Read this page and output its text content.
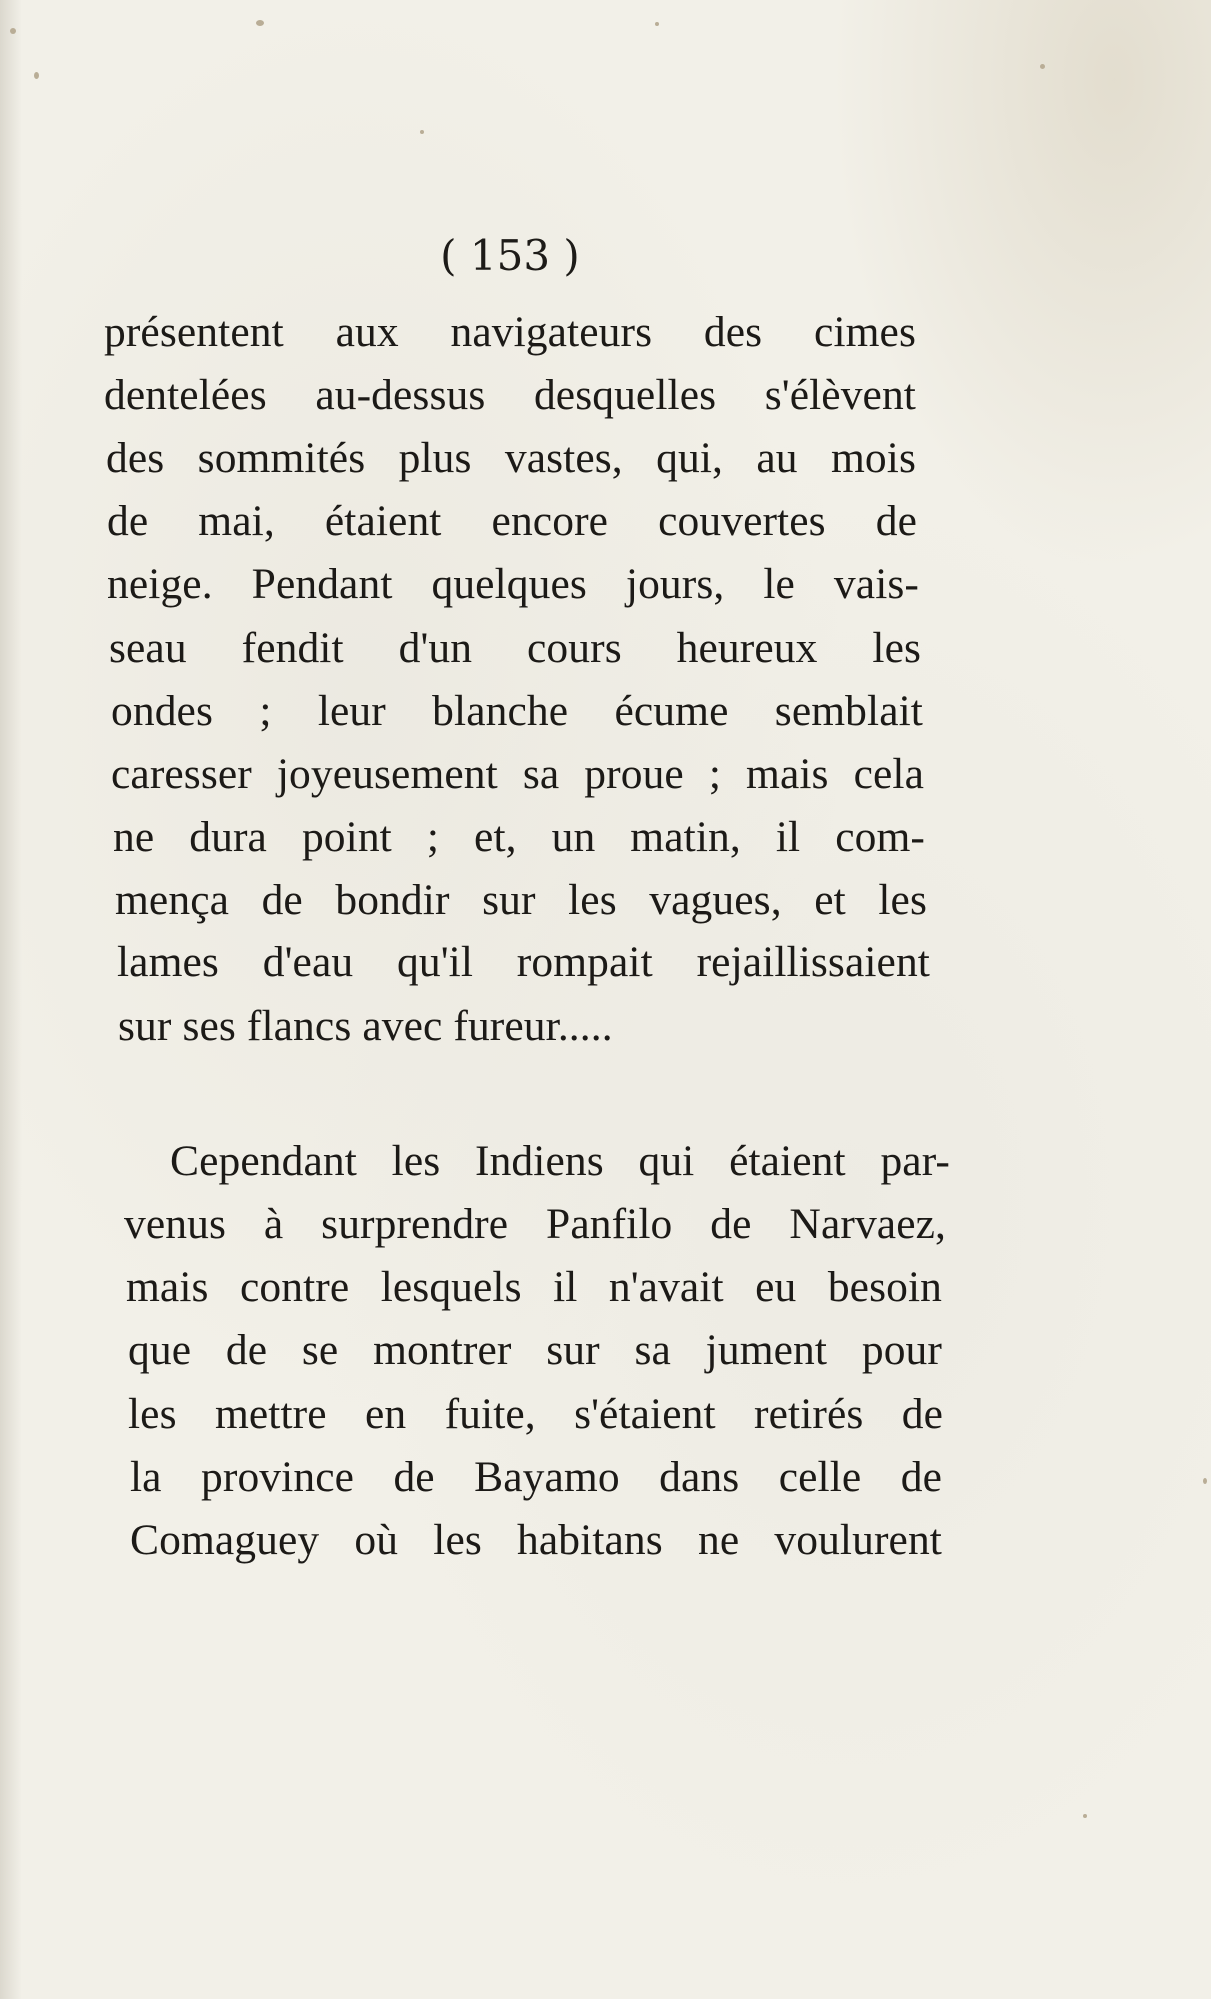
( 153 )
présentent aux navigateurs des cimes
dentelées au-dessus desquelles s'élèvent
des sommités plus vastes, qui, au mois
de mai, étaient encore couvertes de
neige. Pendant quelques jours, le vais-
seau fendit d'un cours heureux les
ondes ; leur blanche écume semblait
caresser joyeusement sa proue ; mais cela
ne dura point ; et, un matin, il com-
mença de bondir sur les vagues, et les
lames d'eau qu'il rompait rejaillissaient
sur ses flancs avec fureur.....
Cependant les Indiens qui étaient par-
venus à surprendre Panfilo de Narvaez,
mais contre lesquels il n'avait eu besoin
que de se montrer sur sa jument pour
les mettre en fuite, s'étaient retirés de
la province de Bayamo dans celle de
Comaguey où les habitans ne voulurent
